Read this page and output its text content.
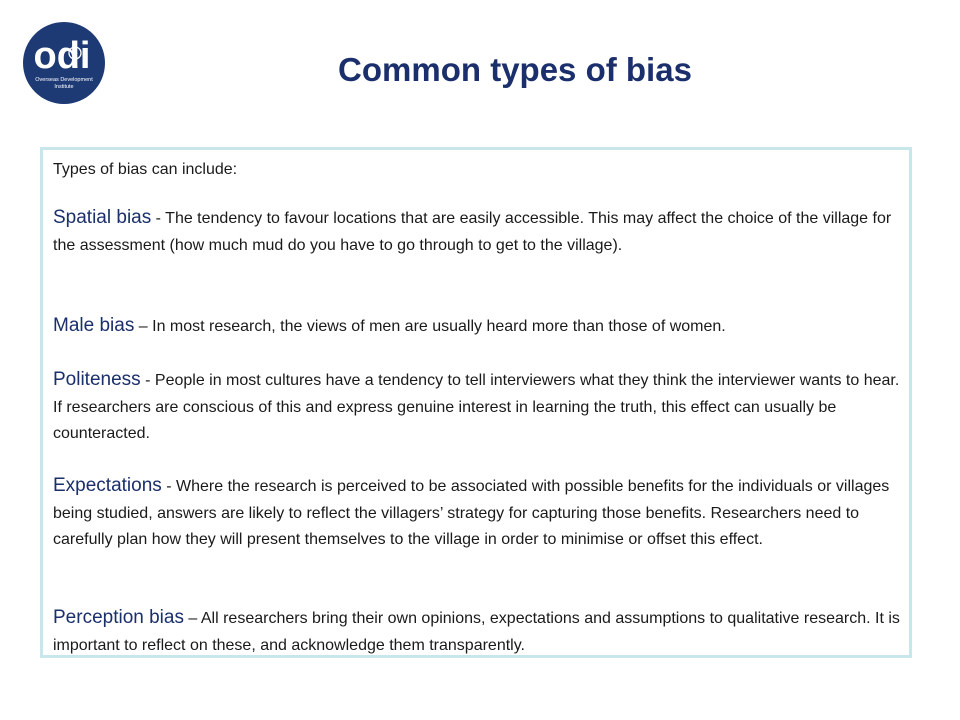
odi
Overseas Development
Institute	Common types of bias

Types of bias can include:

Spatial bias - The tendency to favour locations that are easily accessible. This may affect the choice of the village for the assessment (how much mud do you have to go through to get to the village).

Male bias – In most research, the views of men are usually heard more than those of women.

Politeness - People in most cultures have a tendency to tell interviewers what they think the interviewer wants to hear. If researchers are conscious of this and express genuine interest in learning the truth, this effect can usually be counteracted.

Expectations - Where the research is perceived to be associated with possible benefits for the individuals or villages being studied, answers are likely to reflect the villagers’ strategy for capturing those benefits. Researchers need to carefully plan how they will present themselves to the village in order to minimise or offset this effect.

Perception bias – All researchers bring their own opinions, expectations and assumptions to qualitative research. It is important to reflect on these, and acknowledge them transparently.
